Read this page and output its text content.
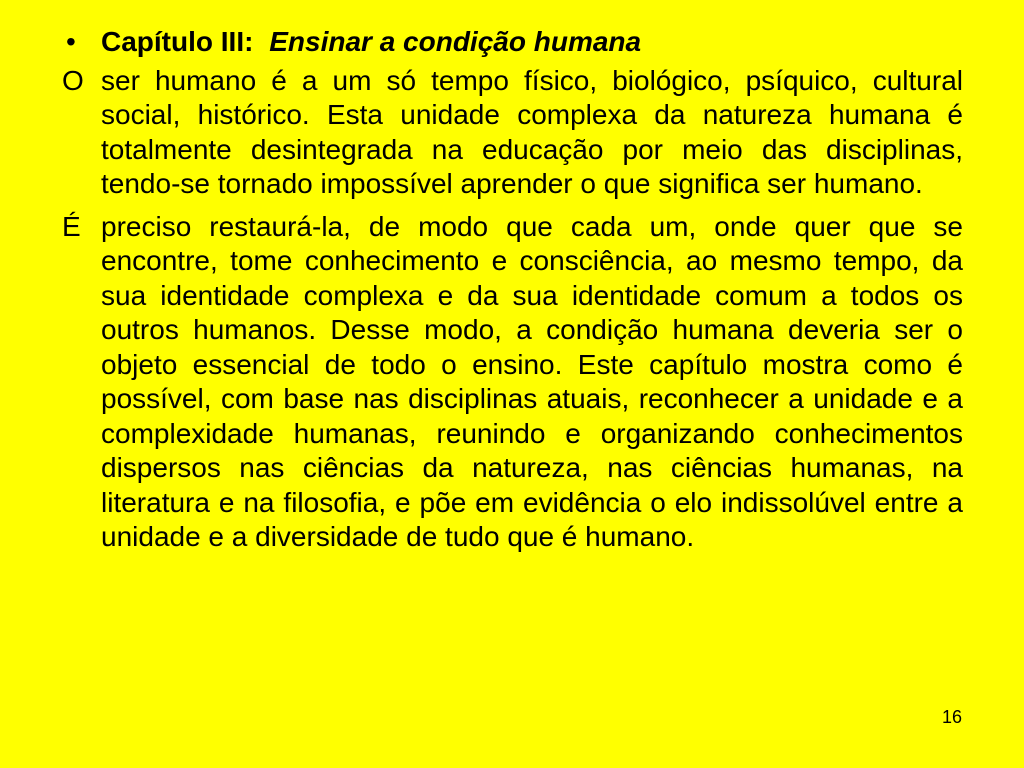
• Capítulo III: Ensinar a condição humana
O ser humano é a um só tempo físico, biológico, psíquico, cultural social, histórico. Esta unidade complexa da natureza humana é totalmente desintegrada na educação por meio das disciplinas, tendo-se tornado impossível aprender o que significa ser humano.
É preciso restaurá-la, de modo que cada um, onde quer que se encontre, tome conhecimento e consciência, ao mesmo tempo, da sua identidade complexa e da sua identidade comum a todos os outros humanos. Desse modo, a condição humana deveria ser o objeto essencial de todo o ensino. Este capítulo mostra como é possível, com base nas disciplinas atuais, reconhecer a unidade e a complexidade humanas, reunindo e organizando conhecimentos dispersos nas ciências da natureza, nas ciências humanas, na literatura e na filosofia, e põe em evidência o elo indissolúvel entre a unidade e a diversidade de tudo que é humano.
16
